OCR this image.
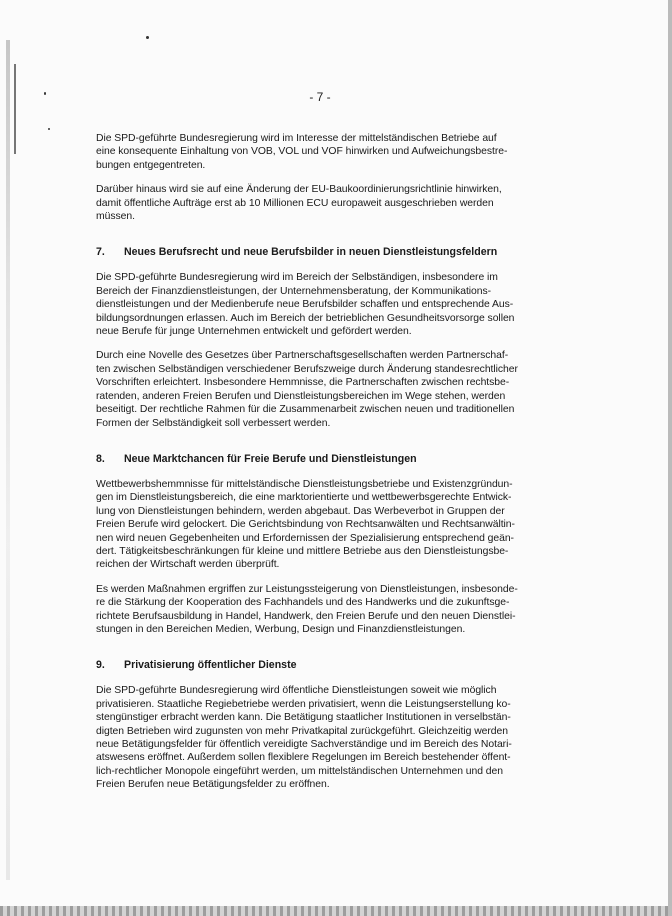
- 7 -

Die SPD-geführte Bundesregierung wird im Interesse der mittelständischen Betriebe auf
eine konsequente Einhaltung von VOB, VOL und VOF hinwirken und Aufweichungsbestre-
bungen entgegentreten.

Darüber hinaus wird sie auf eine Änderung der EU-Baukoordinierungsrichtlinie hinwirken,
damit öffentliche Aufträge erst ab 10 Millionen ECU europaweit ausgeschrieben werden
müssen.

7. Neues Berufsrecht und neue Berufsbilder in neuen Dienstleistungsfeldern

Die SPD-geführte Bundesregierung wird im Bereich der Selbständigen, insbesondere im
Bereich der Finanzdienstleistungen, der Unternehmensberatung, der Kommunikations-
dienstleistungen und der Medienberufe neue Berufsbilder schaffen und entsprechende Aus-
bildungsordnungen erlassen. Auch im Bereich der betrieblichen Gesundheitsvorsorge sollen
neue Berufe für junge Unternehmen entwickelt und gefördert werden.

Durch eine Novelle des Gesetzes über Partnerschaftsgesellschaften werden Partnerschaf-
ten zwischen Selbständigen verschiedener Berufszweige durch Änderung standesrechtlicher
Vorschriften erleichtert. Insbesondere Hemmnisse, die Partnerschaften zwischen rechtsbe-
ratenden, anderen Freien Berufen und Dienstleistungsbereichen im Wege stehen, werden
beseitigt. Der rechtliche Rahmen für die Zusammenarbeit zwischen neuen und traditionellen
Formen der Selbständigkeit soll verbessert werden.

8. Neue Marktchancen für Freie Berufe und Dienstleistungen

Wettbewerbshemmnisse für mittelständische Dienstleistungsbetriebe und Existenzgründun-
gen im Dienstleistungsbereich, die eine marktorientierte und wettbewerbsgerechte Entwick-
lung von Dienstleistungen behindern, werden abgebaut. Das Werbeverbot in Gruppen der
Freien Berufe wird gelockert. Die Gerichtsbindung von Rechtsanwälten und Rechtsanwältin-
nen wird neuen Gegebenheiten und Erfordernissen der Spezialisierung entsprechend geän-
dert. Tätigkeitsbeschränkungen für kleine und mittlere Betriebe aus den Dienstleistungsbe-
reichen der Wirtschaft werden überprüft.

Es werden Maßnahmen ergriffen zur Leistungssteigerung von Dienstleistungen, insbesonde-
re die Stärkung der Kooperation des Fachhandels und des Handwerks und die zukunftsge-
richtete Berufsausbildung in Handel, Handwerk, den Freien Berufe und den neuen Dienstlei-
stungen in den Bereichen Medien, Werbung, Design und Finanzdienstleistungen.

9. Privatisierung öffentlicher Dienste

Die SPD-geführte Bundesregierung wird öffentliche Dienstleistungen soweit wie möglich
privatisieren. Staatliche Regiebetriebe werden privatisiert, wenn die Leistungserstellung ko-
stengünstiger erbracht werden kann. Die Betätigung staatlicher Institutionen in verselbstän-
digten Betrieben wird zugunsten von mehr Privatkapital zurückgeführt. Gleichzeitig werden
neue Betätigungsfelder für öffentlich vereidigte Sachverständige und im Bereich des Notari-
atswesens eröffnet. Außerdem sollen flexiblere Regelungen im Bereich bestehender öffent-
lich-rechtlicher Monopole eingeführt werden, um mittelständischen Unternehmen und den
Freien Berufen neue Betätigungsfelder zu eröffnen.
